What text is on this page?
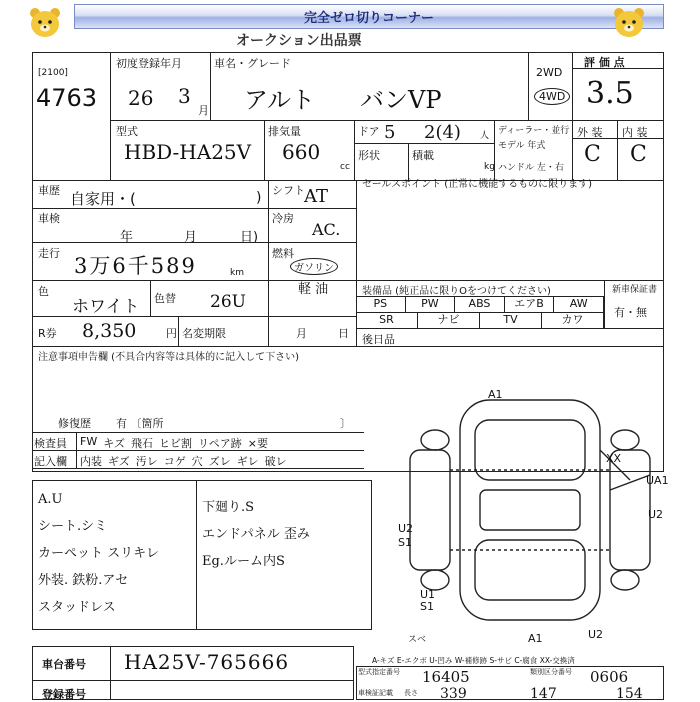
完全ゼロ切りコーナー
オークション出品票
[2100]
4763
初度登録年月
26 3
月
車名・グレード
アルト バンVP
2WD
4WD
評 価 点
3.5
型式
HBD-HA25V
排気量
660
cc
ドア 5 2(4) 人
形状	積載
kg
ディーラー・並行
モデル 年式
ハンドル 左・右
外 装 内 装
C C
車歴 自家用・(	)
車検
年	月	日)
走行
3万6千589	km
色
ホワイト 色替 26U
R券 8,350	円 名変期限	月	日
シフト AT
冷房
AC.
燃料
ガソリン
軽 油
注意事項申告欄 (不具合内容等は具体的に記入して下さい)
修復歴 有 〔箇所	〕
検査員
記入欄
FW キズ 飛石 ヒビ割 リペア跡 ×要
内装 ギズ 汚レ コゲ 穴 ズレ ギレ 破レ
セールスポイント (正常に機能するものに限ります)
装備品 (純正品に限りOをつけてください)	新車保証書
有・無
PS	PW	ABS	エアB	AW
SR	ナビ	TV	カワ
後日品
A1
XX
UA1
U2
U2
S1
U1
S1
A1	U2
スベ
A.U
シート.シミ
カーペット スリキレ
外装. 鉄粉.アセ
スタッドレス
下廻り.S
エンドパネル 歪み
Eg.ルーム内S
A-キズ E-エクボ U-凹み W-補修跡 S-サビ C-腐食 XX-交換済
車台番号 HA25V-765666
登録番号
型式指定番号	類別区分番号
車検証記載 長さ
16405	0606
339	147	154
